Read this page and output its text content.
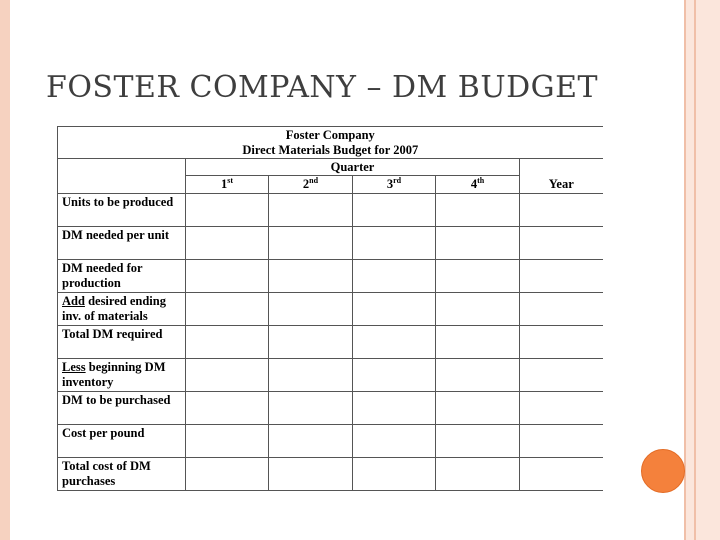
FOSTER COMPANY – DM BUDGET
Foster Company
Direct Materials Budget for 2007					

	Quarter				Year
	1st	2nd	3rd	4th
Units to be produced					
DM needed per unit					
DM needed for production					
Add desired ending inv. of materials					
Total DM required					
Less beginning DM inventory					
DM to be purchased					
Cost per pound					
Total cost of DM purchases					
